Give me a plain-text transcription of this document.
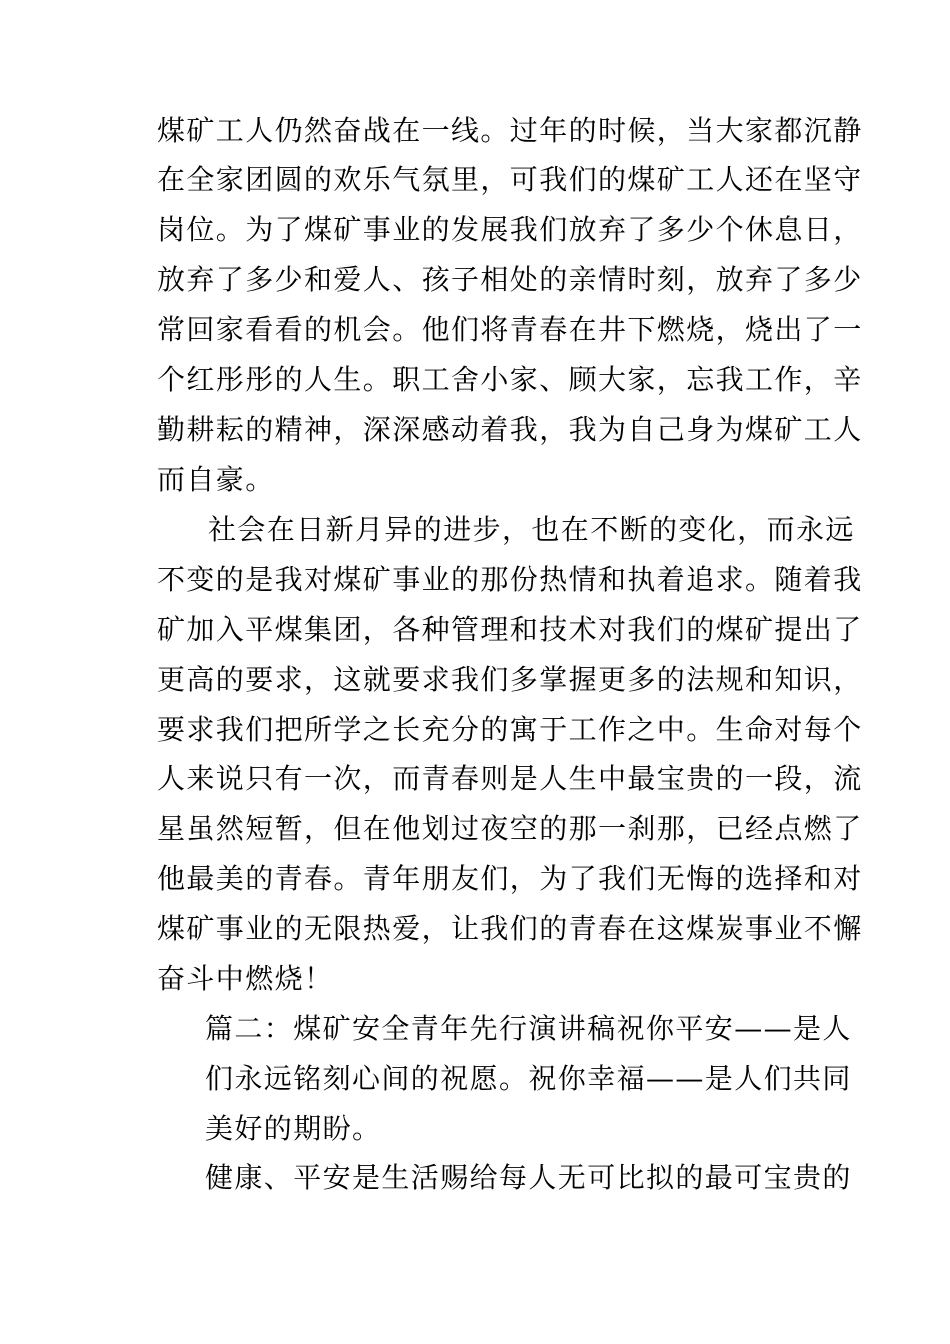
煤矿工人仍然奋战在一线。过年的时候，当大家都沉静
在全家团圆的欢乐气氛里，可我们的煤矿工人还在坚守
岗位。为了煤矿事业的发展我们放弃了多少个休息日，
放弃了多少和爱人、孩子相处的亲情时刻，放弃了多少
常回家看看的机会。他们将青春在井下燃烧，烧出了一
个红彤彤的人生。职工舍小家、顾大家，忘我工作，辛
勤耕耘的精神，深深感动着我，我为自己身为煤矿工人
而自豪。
社会在日新月异的进步，也在不断的变化，而永远
不变的是我对煤矿事业的那份热情和执着追求。随着我
矿加入平煤集团，各种管理和技术对我们的煤矿提出了
更高的要求，这就要求我们多掌握更多的法规和知识，
要求我们把所学之长充分的寓于工作之中。生命对每个
人来说只有一次，而青春则是人生中最宝贵的一段，流
星虽然短暂，但在他划过夜空的那一刹那，已经点燃了
他最美的青春。青年朋友们，为了我们无悔的选择和对
煤矿事业的无限热爱，让我们的青春在这煤炭事业不懈
奋斗中燃烧！
篇二：煤矿安全青年先行演讲稿祝你平安——是人
们永远铭刻心间的祝愿。祝你幸福——是人们共同
美好的期盼。
健康、平安是生活赐给每人无可比拟的最可宝贵的
